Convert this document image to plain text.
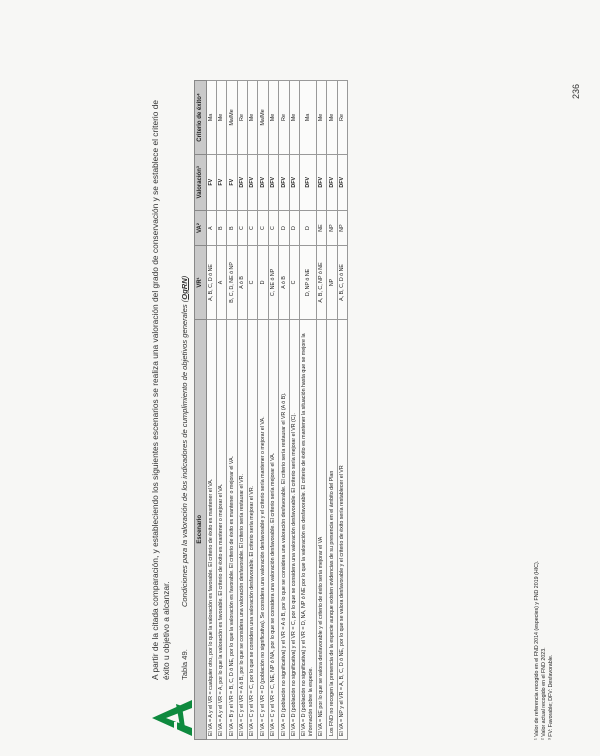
236
A partir de la citada comparación, y estableciendo los siguientes escenarios se realiza una valoración del grado de conservación y se establece el criterio de éxito u objetivo a alcanzar. Tabla 49. Condiciones para la valoración de los indicadores de cumplimiento de objetivos generales (OgRN)
Escenario	VR¹	VA²	Valoración³	Criterio de éxito⁴
El VA = A y el VR = cualquier otro, por lo que la valoración es favorable. El criterio de éxito es mantener el VA.	A, B, C, D ó NE	A	FV	Ma
El VA = A y el VR = A, por lo que la valoración es favorable. El criterio de éxito es mantener o mejorar el VA.	A	B	FV	Me
El VA = B y el VR = B, C, D ó NE, por lo que la valoración es favorable. El criterio de éxito es mantener o mejorar el VA.	B, C, D, NE ó NP	B	FV	Ma/Me
El VA = C y el VR = A ó B, por lo que se considera una valoración desfavorable. El criterio sería restaurar el VR.	A ó B	C	DFV	Re
El VA = C y el VR = C, por lo que se considera una valoración desfavorable. El criterio sería mejorar el VR.	C	C	DFV	Me
El VA = C y el VR = D (población no significativa). Se considera una valoración desfavorable y el criterio sería mantener o mejorar el VA.	D	C	DFV	Ma/Me
El VA = C y el VR = C, NE, NP ó NA, por lo que se considera una valoración desfavorable. El criterio sería mejorar el VA.	C, NE ó NP	C	DFV	Me
El VA = D (población no significativa) y el VR = A ó B, por lo que se considera una valoración desfavorable. El criterio sería restaurar el VR (A ó B).	A ó B	D	DFV	Re
El VA = D (población no significativa) y el VR = C, por lo que se considera una valoración desfavorable. El criterio sería mejorar el VR (C).	C	D	DFV	Me
El VA = D (población no significativa) y el VR = D, NA, NP ó NE por lo que la valoración es desfavorable. El criterio de éxito es mantener la situación hasta que se mejore la información sobre la especie.	D, NP ó NE	D	DFV	Ma
El VA = NE por lo que se valora desfavorable y el criterio de éxito sería mejorar el VA	A, B, C, NP ó NE	NE	DFV	Me
Los FND no recogen la presencia de la especie aunque existen evidencias de su presencia en el ámbito del Plan	NP	NP	DFV	Me
El VA = NP y el VR = A, B, C, D ó NE, por lo que se valora desfavorable y el criterio de éxito sería restablecer el VR	A, B, C, D ó NE	NP	DFV	Re
¹ Valor de referencia recogido en el FND 2014 (especies) y FND 2019 (HIC). ² Valor actual recogido en el FND 2023. ³ FV: Favorable; DFV: Desfavorable.
